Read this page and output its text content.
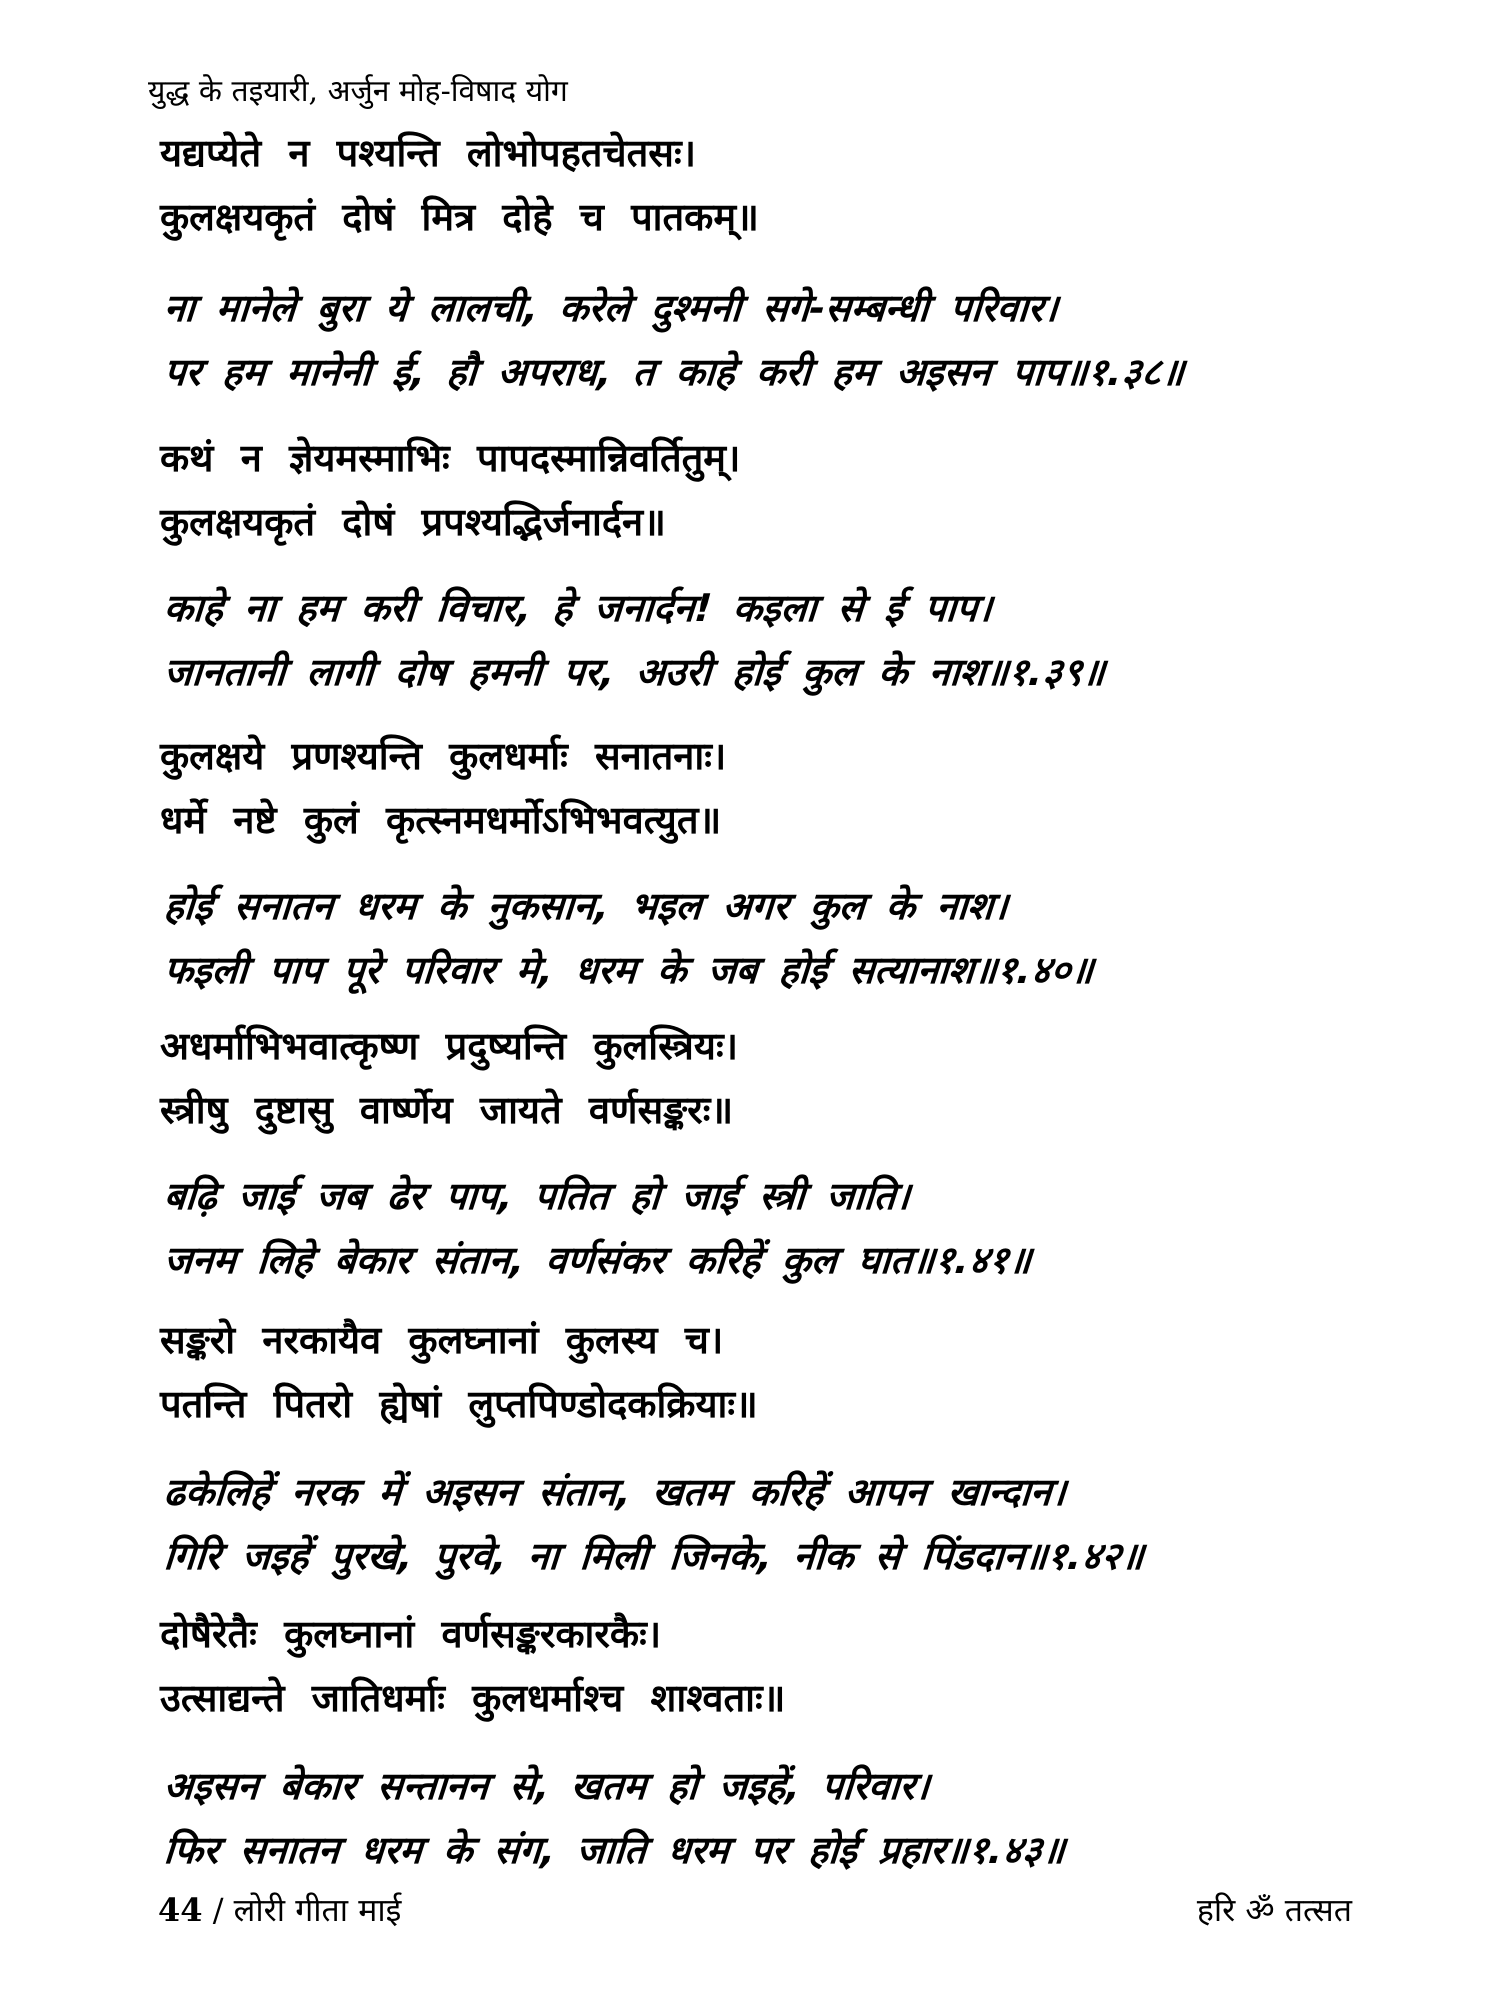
युद्ध के तइयारी, अर्जुन मोह-विषाद योग
यद्यप्येते न पश्यन्ति लोभोपहतचेतसः।
कुलक्षयकृतं दोषं मित्र दोहे च पातकम्॥
ना मानेले बुरा ये लालची, करेले दुश्मनी सगे-सम्बन्धी परिवार।
पर हम मानेनी ई, हौ अपराध, त काहे करी हम अइसन पाप॥१.३८॥
कथं न ज्ञेयमस्माभिः पापदस्मान्निवर्तितुम्।
कुलक्षयकृतं दोषं प्रपश्यद्भिर्जनार्दन॥
काहे ना हम करी विचार, हे जनार्दन! कइला से ई पाप।
जानतानी लागी दोष हमनी पर, अउरी होई कुल के नाश॥१.३९॥
कुलक्षये प्रणश्यन्ति कुलधर्माः सनातनाः।
धर्मे नष्टे कुलं कृत्स्नमधर्मोऽभिभवत्युत॥
होई सनातन धरम के नुकसान, भइल अगर कुल के नाश।
फइली पाप पूरे परिवार मे, धरम के जब होई सत्यानाश॥१.४०॥
अधर्माभिभवात्कृष्ण प्रदुष्यन्ति कुलस्त्रियः।
स्त्रीषु दुष्टासु वार्ष्णेय जायते वर्णसङ्करः॥
बढ़ि जाई जब ढेर पाप, पतित हो जाई स्त्री जाति।
जनम लिहे बेकार संतान, वर्णसंकर करिहें कुल घात॥१.४१॥
सङ्करो नरकायैव कुलघ्नानां कुलस्य च।
पतन्ति पितरो ह्येषां लुप्तपिण्डोदकक्रियाः॥
ढकेलिहें नरक में अइसन संतान, खतम करिहें आपन खान्दान।
गिरि जइहें पुरखे, पुरवे, ना मिली जिनके, नीक से पिंडदान॥१.४२॥
दोषैरेतैः कुलघ्नानां वर्णसङ्करकारकैः।
उत्साद्यन्ते जातिधर्माः कुलधर्माश्च शाश्वताः॥
अइसन बेकार सन्तानन से, खतम हो जइहें, परिवार।
फिर सनातन धरम के संग, जाति धरम पर होई प्रहार॥१.४३॥
44 / लोरी गीता माई	हरि ॐ तत्सत
